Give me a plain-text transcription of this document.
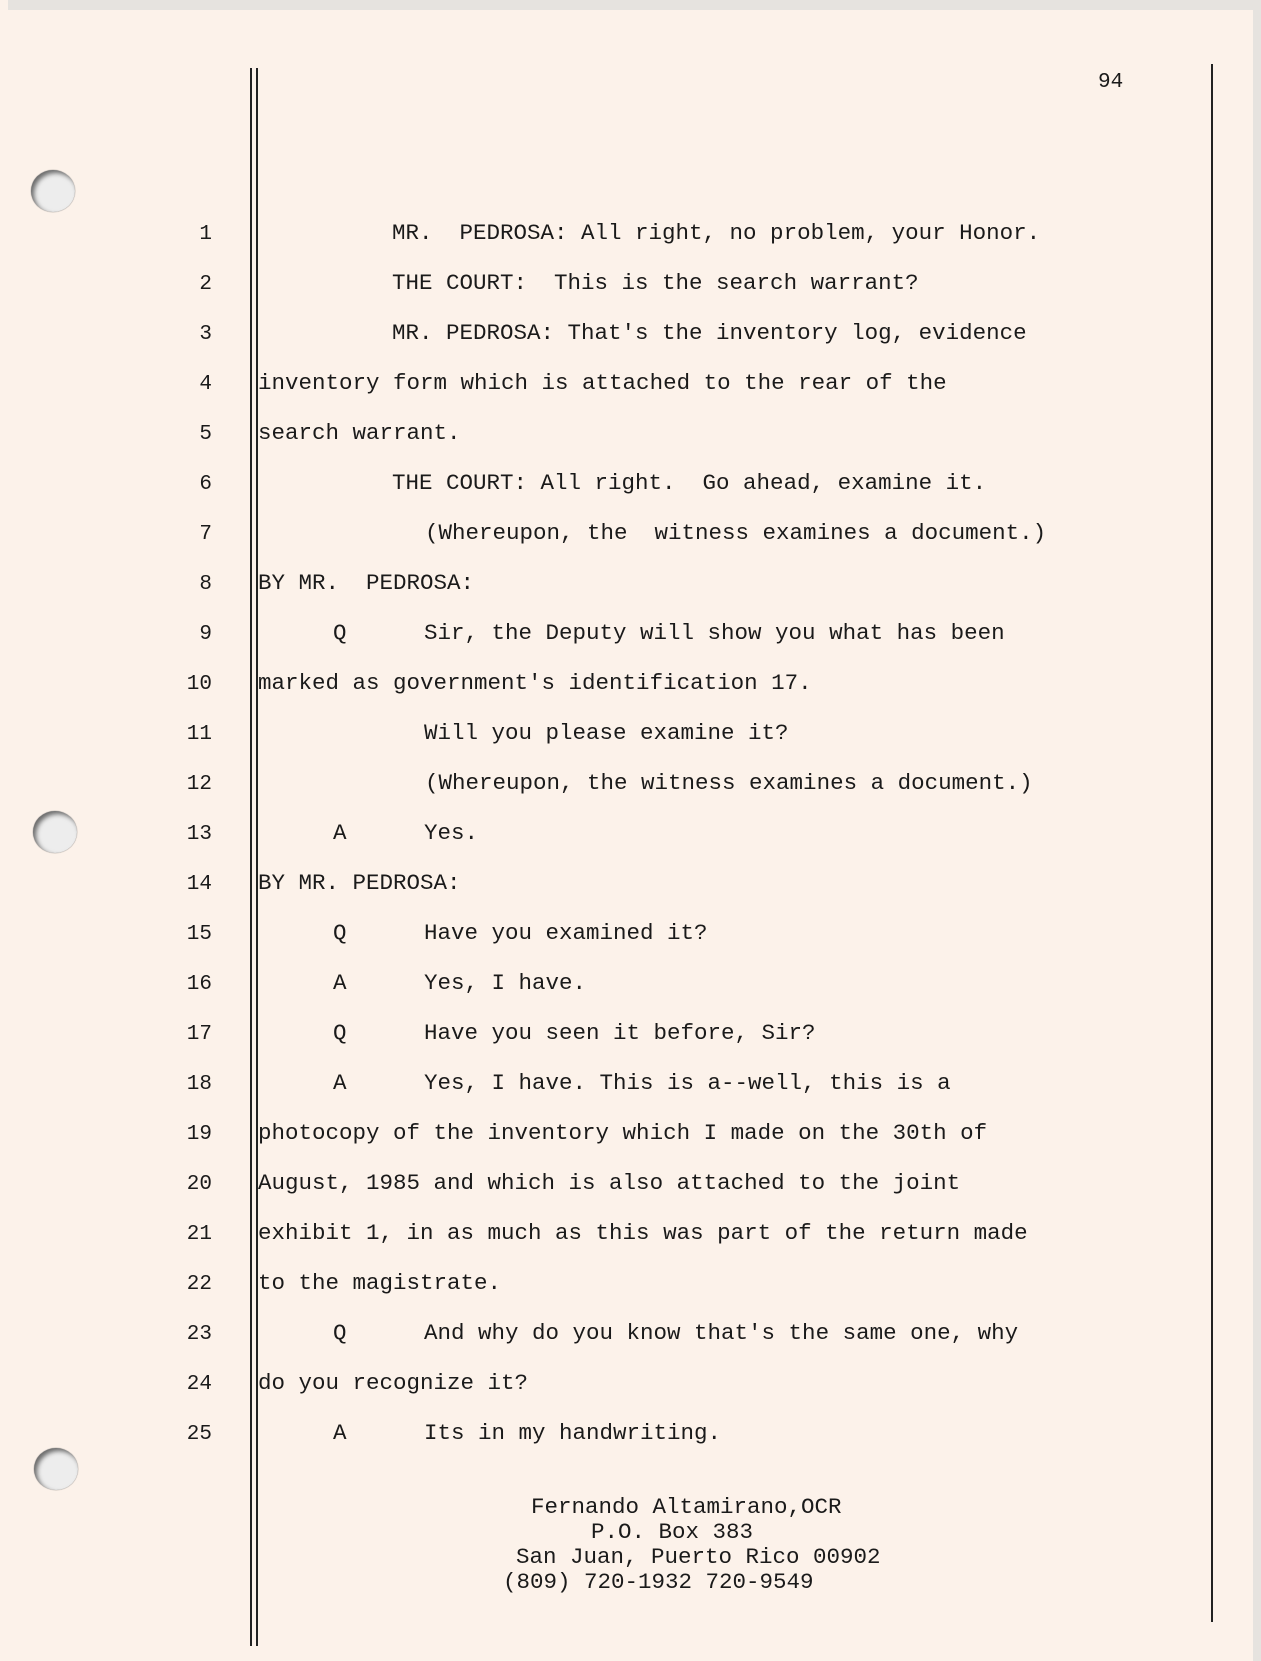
94
1
2
3
4
5
6
7
8
9
10
11
12
13
14
15
16
17
18
19
20
21
22
23
24
25
MR.  PEDROSA: All right, no problem, your Honor.
THE COURT:  This is the search warrant?
MR. PEDROSA: That's the inventory log, evidence
inventory form which is attached to the rear of the
search warrant.
THE COURT: All right.  Go ahead, examine it.
(Whereupon, the  witness examines a document.)
BY MR.  PEDROSA:
Q	Sir, the Deputy will show you what has been
marked as government's identification 17.
Will you please examine it?
(Whereupon, the witness examines a document.)
A	Yes.
BY MR. PEDROSA:
Q	Have you examined it?
A	Yes, I have.
Q	Have you seen it before, Sir?
A	Yes, I have. This is a--well, this is a
photocopy of the inventory which I made on the 30th of
August, 1985 and which is also attached to the joint
exhibit 1, in as much as this was part of the return made
to the magistrate.
Q	And why do you know that's the same one, why
do you recognize it?
A	Its in my handwriting.
Fernando Altamirano,OCR
P.O. Box 383
San Juan, Puerto Rico 00902
(809) 720-1932 720-9549
